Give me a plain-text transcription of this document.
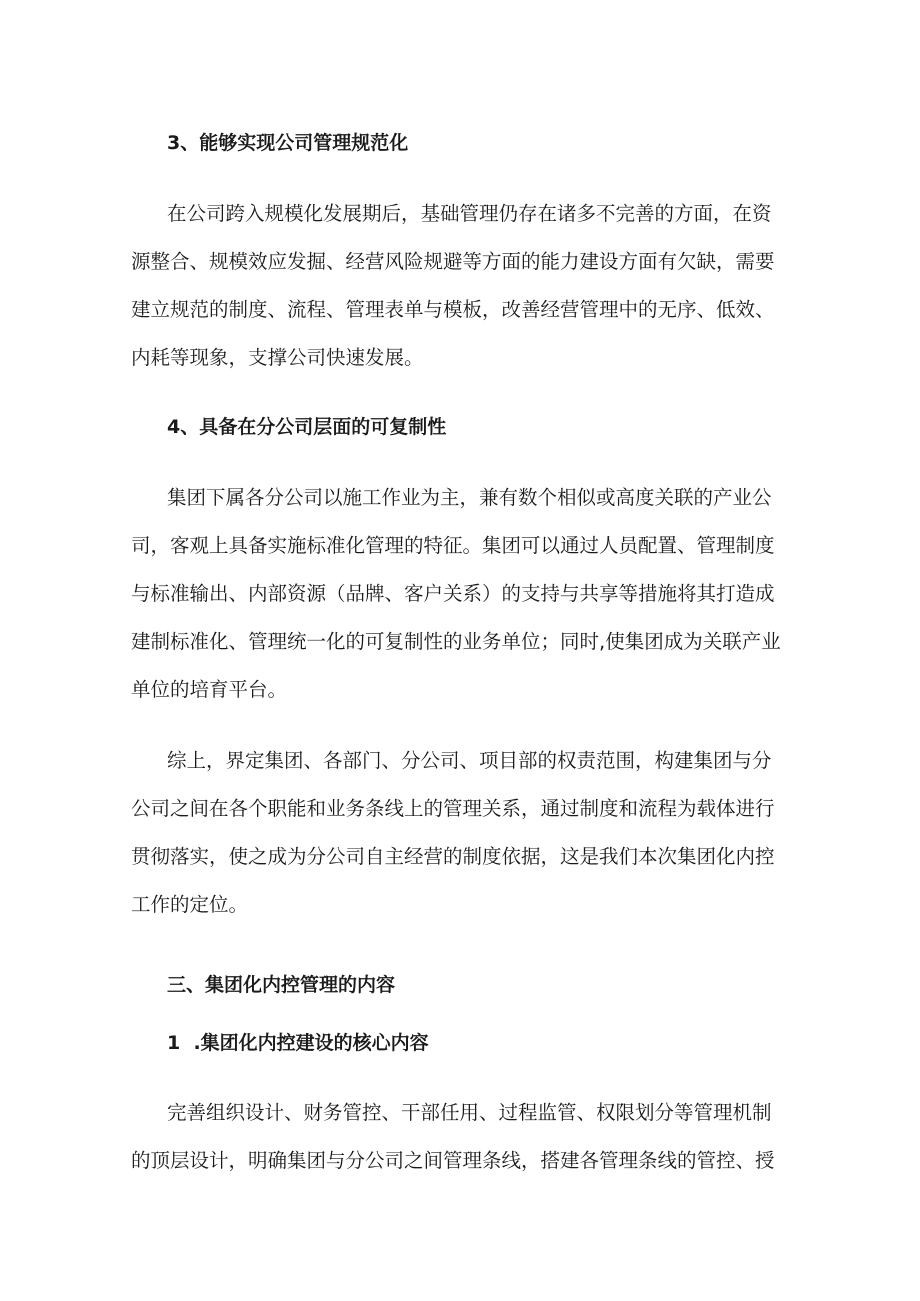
3、能够实现公司管理规范化
在公司跨入规模化发展期后，基础管理仍存在诸多不完善的方面，在资
源整合、规模效应发掘、经营风险规避等方面的能力建设方面有欠缺，需要
建立规范的制度、流程、管理表单与模板，改善经营管理中的无序、低效、
内耗等现象，支撑公司快速发展。
4、具备在分公司层面的可复制性
集团下属各分公司以施工作业为主，兼有数个相似或高度关联的产业公
司，客观上具备实施标准化管理的特征。集团可以通过人员配置、管理制度
与标准输出、内部资源（品牌、客户关系）的支持与共享等措施将其打造成
建制标准化、管理统一化的可复制性的业务单位；同时,使集团成为关联产业
单位的培育平台。
综上，界定集团、各部门、分公司、项目部的权责范围，构建集团与分
公司之间在各个职能和业务条线上的管理关系，通过制度和流程为载体进行
贯彻落实，使之成为分公司自主经营的制度依据，这是我们本次集团化内控
工作的定位。
三、集团化内控管理的内容
1  .集团化内控建设的核心内容
完善组织设计、财务管控、干部任用、过程监管、权限划分等管理机制
的顶层设计，明确集团与分公司之间管理条线，搭建各管理条线的管控、授
